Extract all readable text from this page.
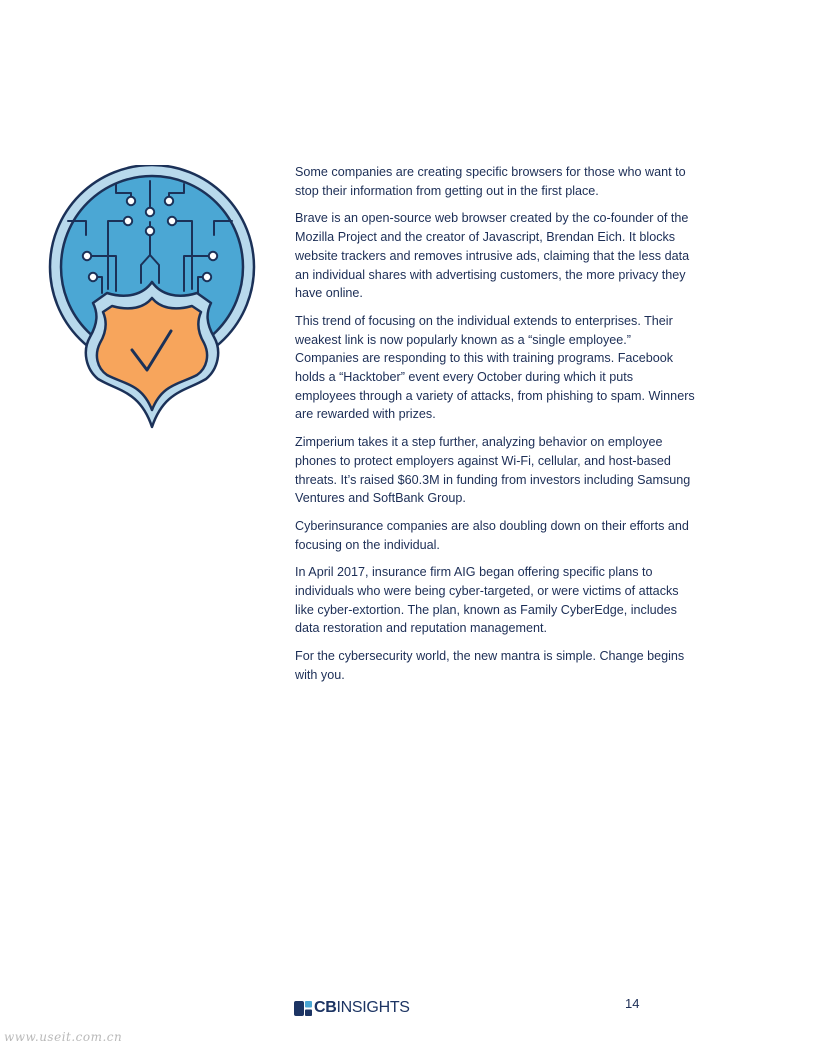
Some companies are creating specific browsers for those who want to stop their information from getting out in the first place.

Brave is an open-source web browser created by the co-founder of the Mozilla Project and the creator of Javascript, Brendan Eich. It blocks website trackers and removes intrusive ads, claiming that the less data an individual shares with advertising customers, the more privacy they have online.

This trend of focusing on the individual extends to enterprises. Their weakest link is now popularly known as a “single employee.” Companies are responding to this with training programs. Facebook holds a “Hacktober” event every October during which it puts employees through a variety of attacks, from phishing to spam. Winners are rewarded with prizes.

Zimperium takes it a step further, analyzing behavior on employee phones to protect employers against Wi-Fi, cellular, and host-based threats. It’s raised $60.3M in funding from investors including Samsung Ventures and SoftBank Group.

Cyberinsurance companies are also doubling down on their efforts and focusing on the individual.

In April 2017, insurance firm AIG began offering specific plans to individuals who were being cyber-targeted, or were victims of attacks like cyber-extortion. The plan, known as Family CyberEdge, includes data restoration and reputation management.

For the cybersecurity world, the new mantra is simple. Change begins with you.

CBINSIGHTS	14
www.useit.com.cn
